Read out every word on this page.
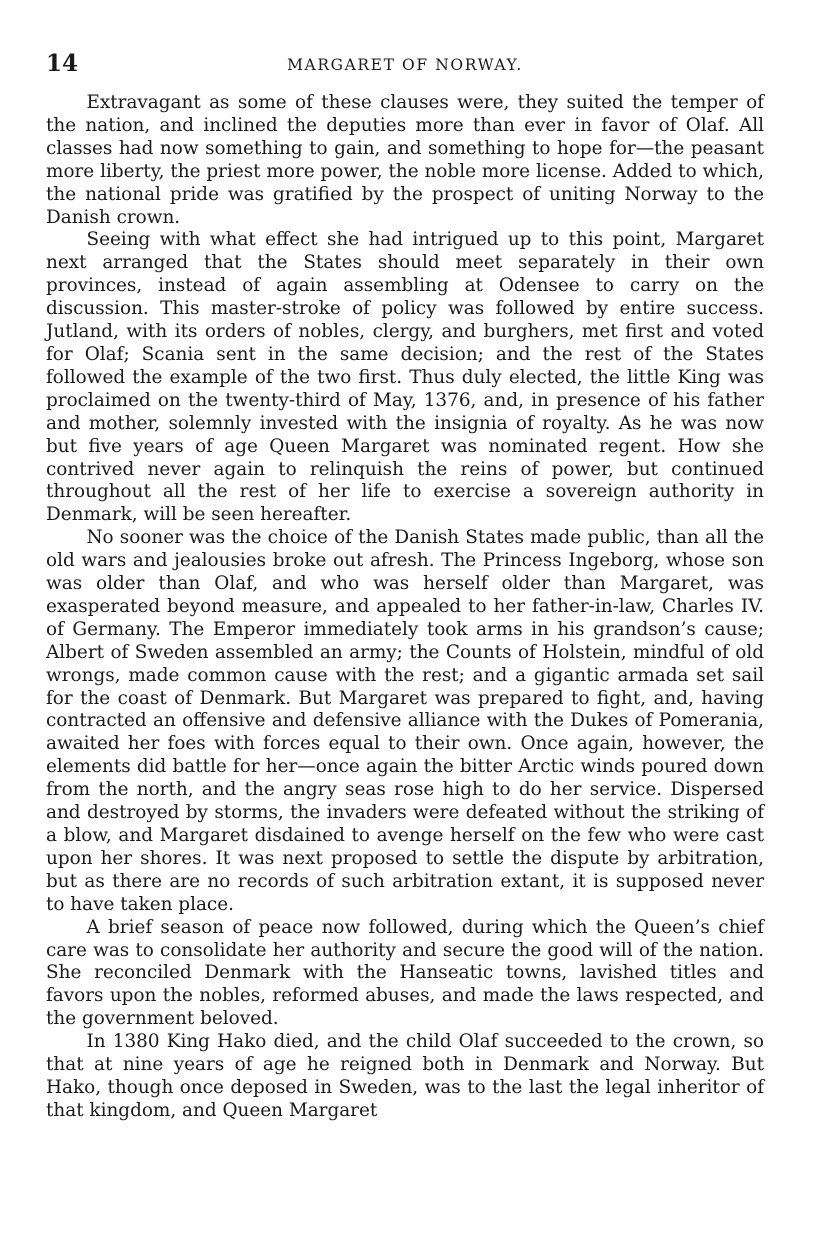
14	MARGARET OF NORWAY.

Extravagant as some of these clauses were, they suited the temper of the nation, and inclined the deputies more than ever in favor of Olaf. All classes had now something to gain, and something to hope for—the peasant more liberty, the priest more power, the noble more license. Added to which, the national pride was gratified by the prospect of uniting Norway to the Danish crown.

Seeing with what effect she had intrigued up to this point, Margaret next arranged that the States should meet separately in their own provinces, instead of again assembling at Odensee to carry on the discussion. This master-stroke of policy was followed by entire success. Jutland, with its orders of nobles, clergy, and burghers, met first and voted for Olaf; Scania sent in the same decision; and the rest of the States followed the example of the two first. Thus duly elected, the little King was proclaimed on the twenty-third of May, 1376, and, in presence of his father and mother, solemnly invested with the insignia of royalty. As he was now but five years of age Queen Margaret was nominated regent. How she contrived never again to relinquish the reins of power, but continued throughout all the rest of her life to exercise a sovereign authority in Denmark, will be seen hereafter.

No sooner was the choice of the Danish States made public, than all the old wars and jealousies broke out afresh. The Princess Ingeborg, whose son was older than Olaf, and who was herself older than Margaret, was exasperated beyond measure, and appealed to her father-in-law, Charles IV. of Germany. The Emperor immediately took arms in his grandson’s cause; Albert of Sweden assembled an army; the Counts of Holstein, mindful of old wrongs, made common cause with the rest; and a gigantic armada set sail for the coast of Denmark. But Margaret was prepared to fight, and, having contracted an offensive and defensive alliance with the Dukes of Pomerania, awaited her foes with forces equal to their own. Once again, however, the elements did battle for her—once again the bitter Arctic winds poured down from the north, and the angry seas rose high to do her service. Dispersed and destroyed by storms, the invaders were defeated without the striking of a blow, and Margaret disdained to avenge herself on the few who were cast upon her shores. It was next proposed to settle the dispute by arbitration, but as there are no records of such arbitration extant, it is supposed never to have taken place.

A brief season of peace now followed, during which the Queen’s chief care was to consolidate her authority and secure the good will of the nation. She reconciled Denmark with the Hanseatic towns, lavished titles and favors upon the nobles, reformed abuses, and made the laws respected, and the government beloved.

In 1380 King Hako died, and the child Olaf succeeded to the crown, so that at nine years of age he reigned both in Denmark and Norway. But Hako, though once deposed in Sweden, was to the last the legal inheritor of that kingdom, and Queen Margaret
